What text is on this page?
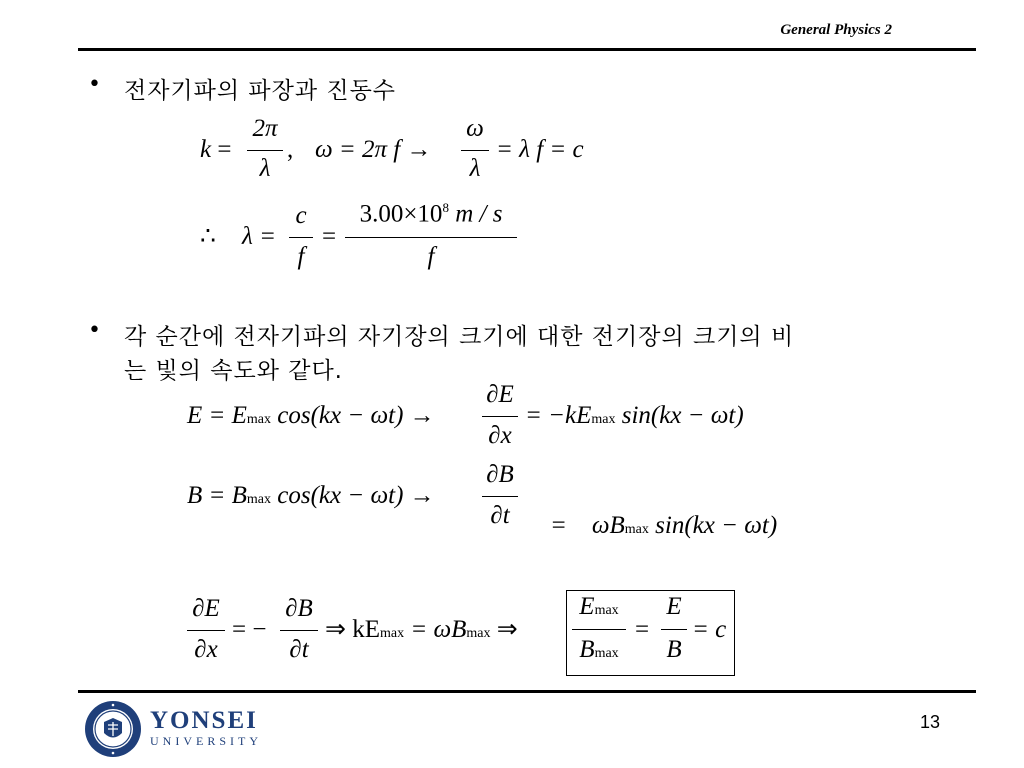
General Physics 2
• 전자기파의 파장과 진동수
k =
2π
λ
, ω = 2π f →
ω
λ
= λ f = c
∴ λ =
c
f
=
$3.00\times 10^8$ m / s
f
• 각 순간에 전자기파의 자기장의 크기에 대한 전기장의 크기의 비
는 빛의 속도와 같다.
E = Emax cos(kx − ωt) →
∂E
∂x
= −kEmax sin(kx − ωt)
B = Bmax cos(kx − ωt) →
∂B
∂t	=    ωBmax sin(kx − ωt)

∂E
∂x
= −
∂B
∂t
⇒ kEmax = ωBmax ⇒
Emax
Bmax
=
E
B
= c
YONSEI
UNIVERSITY
13
